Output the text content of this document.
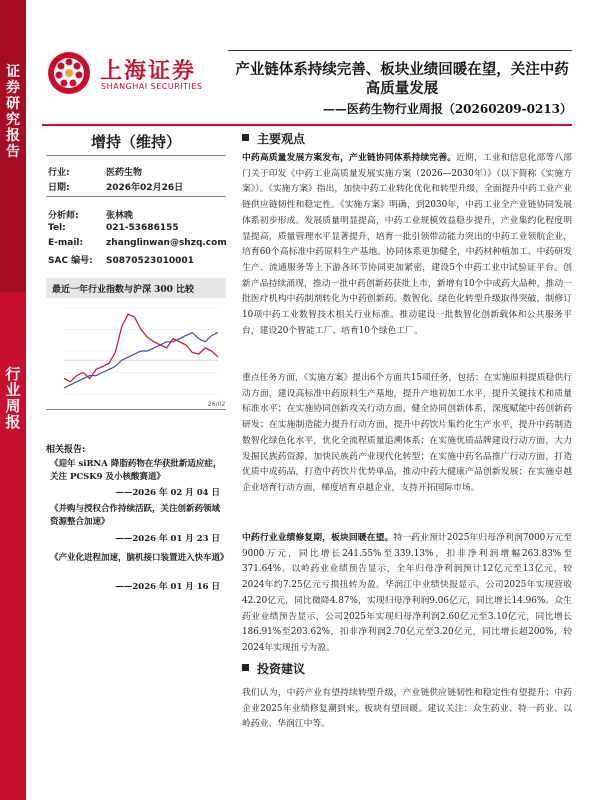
证券研究报告
行业周报
上海证券
SHANGHAI SECURITIES
产业链体系持续完善、板块业绩回暖在望，关注中药高质量发展
——医药生物行业周报（20260209-0213）
增持（维持）
行业:	医药生物
日期:	2026年02月26日
分析师:	张林晚
Tel:	021-53686155
E-mail:	zhanglinwan@shzq.com
SAC 编号: S0870523010001
最近一年行业指数与沪深 300 比较
26/02
相关报告:
《迎年 siRNA 降脂药物在华获批新适应症，关注 PCSK9 及小核酸赛道》
——2026 年 02 月 04 日
《并购与授权合作持续活跃，关注创新药领域资源整合加速》
——2026 年 01 月 23 日
《产业化进程加速，脑机接口装置进入快车道》
——2026 年 01 月 16 日
主要观点
中药高质量发展方案发布，产业链协同体系持续完善。近期，工业和信息化部等八部门关于印发《中药工业高质量发展实施方案（2026—2030年）》（以下简称《实施方案》）。《实施方案》指出，加快中药工业转化优化和转型升级，全面提升中药工业产业链供应链韧性和稳定性。《实施方案》明确，到2030年，中药工业全产业链协同发展体系初步形成。发展质量明显提高，中药工业规模效益稳步提升，产业集约化程度明显提高，质量管理水平显著提升，培育一批引领带动能力突出的中药工业领航企业，培育60个高标准中药原料生产基地。协同体系更加健全，中药材种植加工、中药研发生产、流通服务等上下游各环节协同更加紧密，建设5个中药工业中试验证平台。创新产品持续涌现，推动一批中药创新药获批上市，新增有10个中成药大品种，推动一批医疗机构中药制剂转化为中药创新药。数智化、绿色化转型升级取得突破，制修订10项中药工业数智技术相关行业标准。推动建设一批数智化创新载体和公共服务平台，建设20个智能工厂、培育10个绿色工厂。
重点任务方面，《实施方案》提出6个方面共15项任务，包括：在实施原料提质稳供行动方面，建设高标准中药原料生产基地，提升产地初加工水平，提升关键技术和质量标准水平；在实施协同创新攻关行动方面，健全协同创新体系，深度赋能中药创新药研发；在实施制造能力提升行动方面，提升中药饮片集约化生产水平，提升中药制造数智化绿色化水平，优化全流程质量追溯体系；在实施优质品牌建设行动方面，大力发掘民族药资源，加快民族药产业现代化转型；在实施中药名品推广行动方面，打造优质中成药品，打造中药饮片优势单品，推动中药大健康产品创新发展；在实施卓越企业培育行动方面，梯度培育卓越企业，支持开拓国际市场。
中药行业业绩修复期，板块回暖在望。特一药业预计2025年归母净利润7000万元至9000万元，同比增长241.55%至339.13%，扣非净利润增幅263.83%至371.64%。以岭药业业绩预告显示，全年归母净利润预计12亿元至13亿元，较2024年约7.25亿元亏损扭转为盈。华润江中业绩快报显示，公司2025年实现营收42.20亿元，同比微降4.87%，实现归母净利润9.06亿元，同比增长14.96%。众生药业业绩预告显示，公司2025年实现归母净利润2.60亿元至3.10亿元，同比增长186.91%至203.62%，扣非净利润2.70亿元至3.20亿元，同比增长超200%，较2024年实现扭亏为盈。
投资建议
我们认为，中药产业有望持续转型升级，产业链供应链韧性和稳定性有望提升；中药企业2025年业绩修复潮到来，板块有望回暖。建议关注：众生药业、特一药业、以岭药业、华润江中等。
